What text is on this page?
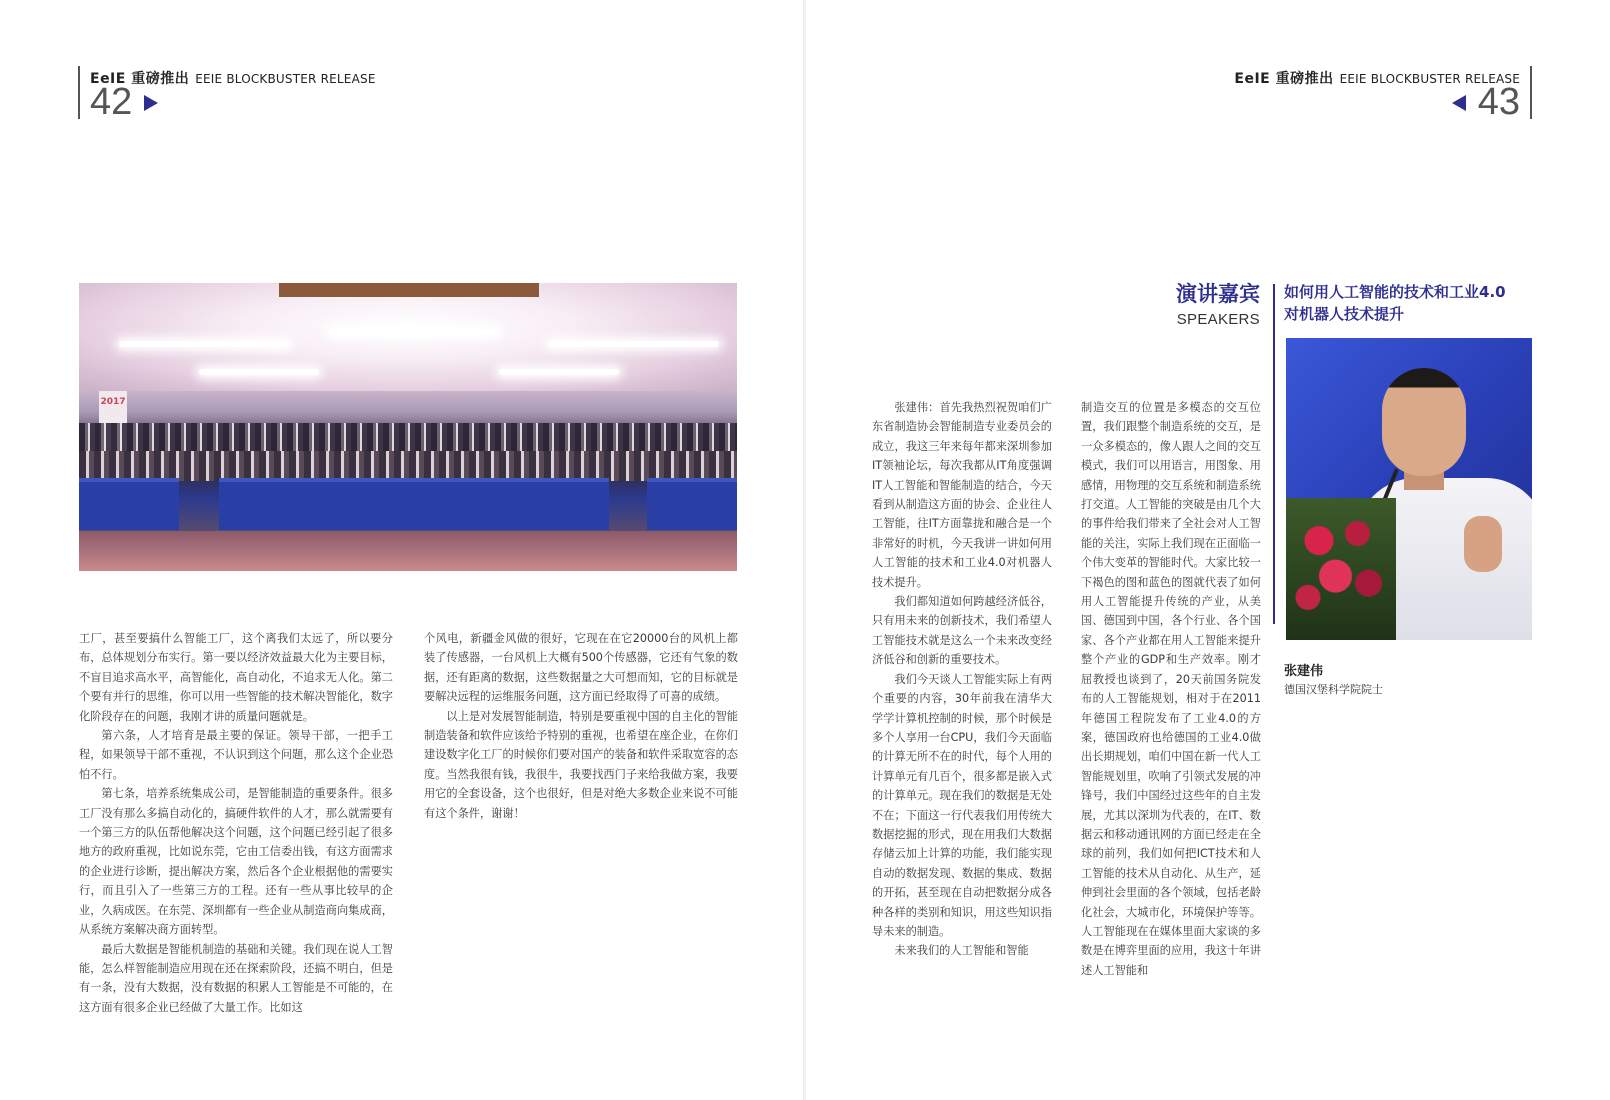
EeIE 重磅推出 EEIE BLOCKBUSTER RELEASE
42
2017

工厂，甚至要搞什么智能工厂，这个离我们太远了，所以要分布，总体规划分布实行。第一要以经济效益最大化为主要目标，不盲目追求高水平，高智能化，高自动化，不追求无人化。第二个要有并行的思维，你可以用一些智能的技术解决智能化，数字化阶段存在的问题，我刚才讲的质量问题就是。

第六条，人才培育是最主要的保证。领导干部，一把手工程，如果领导干部不重视，不认识到这个问题，那么这个企业恐怕不行。

第七条，培养系统集成公司，是智能制造的重要条件。很多工厂没有那么多搞自动化的，搞硬件软件的人才，那么就需要有一个第三方的队伍帮他解决这个问题，这个问题已经引起了很多地方的政府重视，比如说东莞，它由工信委出钱，有这方面需求的企业进行诊断，提出解决方案，然后各个企业根据他的需要实行，而且引入了一些第三方的工程。还有一些从事比较早的企业，久病成医。在东莞、深圳都有一些企业从制造商向集成商，从系统方案解决商方面转型。

最后大数据是智能机制造的基础和关键。我们现在说人工智能，怎么样智能制造应用现在还在探索阶段，还搞不明白，但是有一条，没有大数据，没有数据的积累人工智能是不可能的，在这方面有很多企业已经做了大量工作。比如这

个风电，新疆金风做的很好，它现在在它20000台的风机上都装了传感器，一台风机上大概有500个传感器，它还有气象的数据，还有距离的数据，这些数据量之大可想而知，它的目标就是要解决远程的运维服务问题，这方面已经取得了可喜的成绩。

以上是对发展智能制造，特别是要重视中国的自主化的智能制造装备和软件应该给予特别的重视，也希望在座企业，在你们建设数字化工厂的时候你们要对国产的装备和软件采取宽容的态度。当然我很有钱，我很牛，我要找西门子来给我做方案，我要用它的全套设备，这个也很好，但是对绝大多数企业来说不可能有这个条件，谢谢！

EeIE 重磅推出 EEIE BLOCKBUSTER RELEASE
43
演讲嘉宾
SPEAKERS
如何用人工智能的技术和工业4.0
对机器人技术提升
张建伟
德国汉堡科学院院士

张建伟：首先我热烈祝贺咱们广东省制造协会智能制造专业委员会的成立，我这三年来每年都来深圳参加IT领袖论坛，每次我都从IT角度强调IT人工智能和智能制造的结合，今天看到从制造这方面的协会、企业往人工智能，往IT方面靠拢和融合是一个非常好的时机，今天我讲一讲如何用人工智能的技术和工业4.0对机器人技术提升。

我们都知道如何跨越经济低谷，只有用未来的创新技术，我们希望人工智能技术就是这么一个未来改变经济低谷和创新的重要技术。

我们今天谈人工智能实际上有两个重要的内容，30年前我在清华大学学计算机控制的时候，那个时候是多个人享用一台CPU，我们今天面临的计算无所不在的时代，每个人用的计算单元有几百个，很多都是嵌入式的计算单元。现在我们的数据是无处不在；下面这一行代表我们用传统大数据挖掘的形式，现在用我们大数据存储云加上计算的功能，我们能实现自动的数据发现、数据的集成、数据的开拓，甚至现在自动把数据分成各种各样的类别和知识，用这些知识指导未来的制造。

未来我们的人工智能和智能

制造交互的位置是多模态的交互位置，我们跟整个制造系统的交互，是一众多模态的，像人跟人之间的交互模式，我们可以用语言，用图象、用感情，用物理的交互系统和制造系统打交道。人工智能的突破是由几个大的事件给我们带来了全社会对人工智能的关注，实际上我们现在正面临一个伟大变革的智能时代。大家比较一下褐色的图和蓝色的图就代表了如何用人工智能提升传统的产业，从美国、德国到中国，各个行业、各个国家、各个产业都在用人工智能来提升整个产业的GDP和生产效率。刚才屈教授也谈到了，20天前国务院发布的人工智能规划，相对于在2011年德国工程院发布了工业4.0的方案，德国政府也给德国的工业4.0做出长期规划，咱们中国在新一代人工智能规划里，吹响了引领式发展的冲锋号，我们中国经过这些年的自主发展，尤其以深圳为代表的，在IT、数据云和移动通讯网的方面已经走在全球的前列，我们如何把ICT技术和人工智能的技术从自动化、从生产，延伸到社会里面的各个领域，包括老龄化社会，大城市化，环境保护等等。人工智能现在在媒体里面大家谈的多数是在博弈里面的应用，我这十年讲述人工智能和
